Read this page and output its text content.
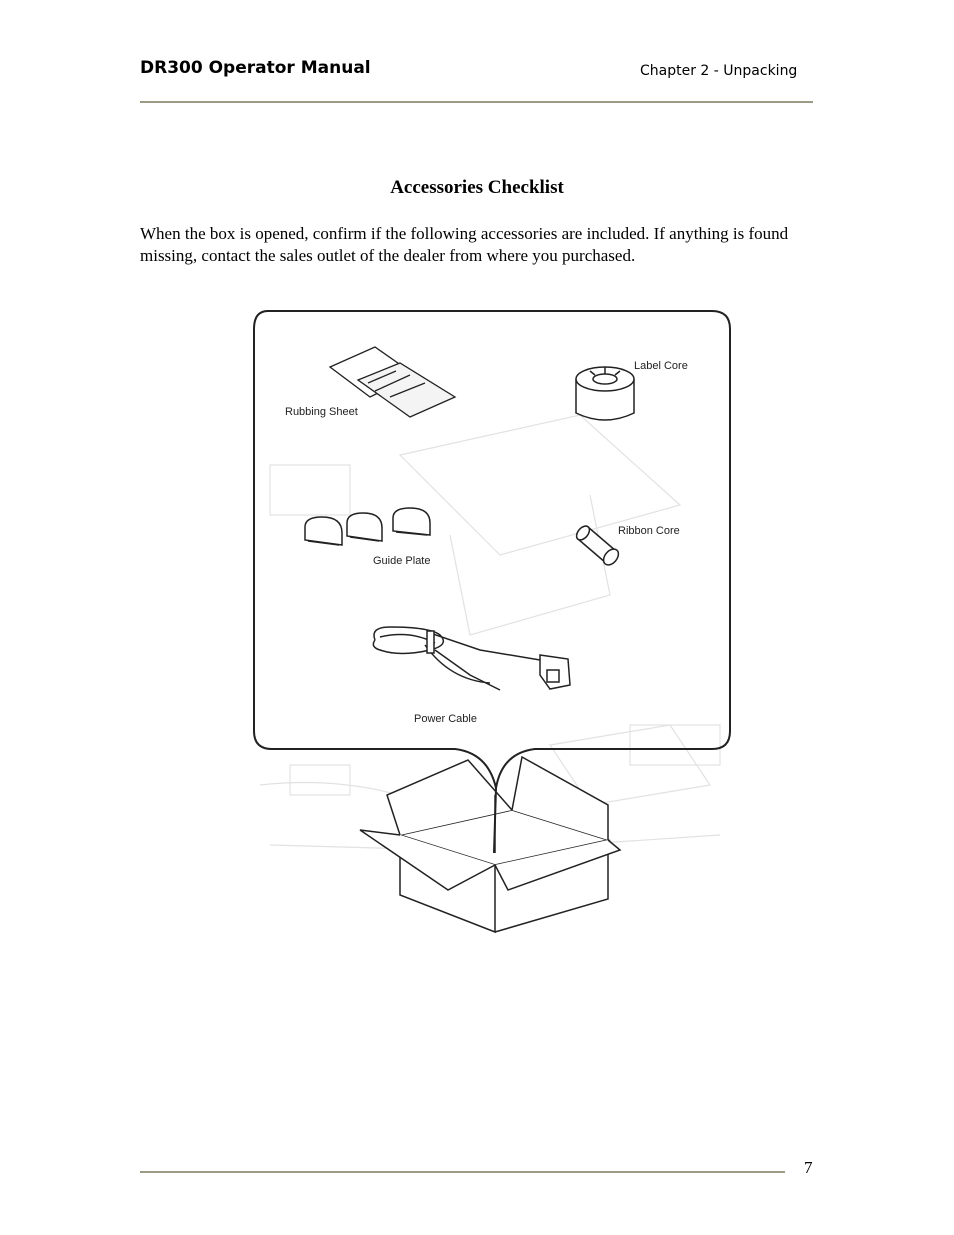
DR300 Operator Manual	Chapter 2 - Unpacking
Accessories Checklist
When the box is opened, confirm if the following accessories are included. If anything is found missing, contact the sales outlet of the dealer from where you purchased.
Rubbing Sheet
Label Core
Guide Plate
Ribbon Core
Power Cable
7
